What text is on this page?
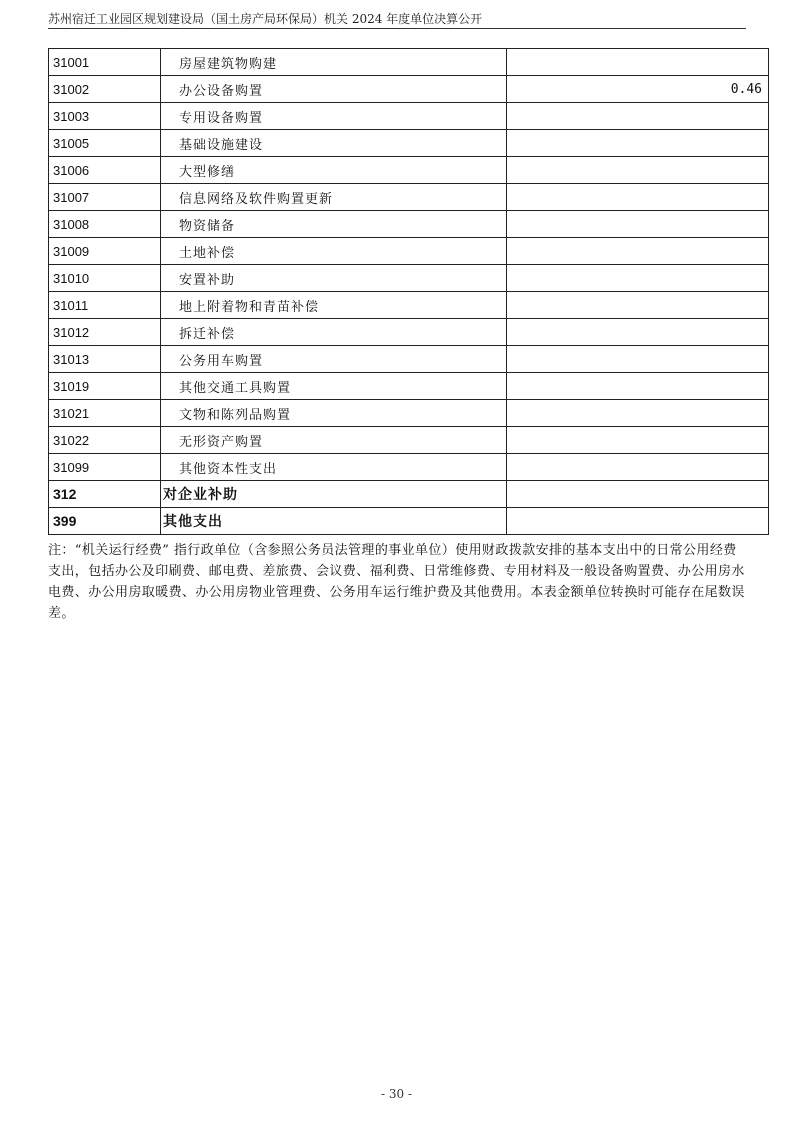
苏州宿迁工业园区规划建设局（国土房产局环保局）机关 2024 年度单位决算公开
31001	房屋建筑物购建	
31002	办公设备购置	0.46
31003	专用设备购置	
31005	基础设施建设	
31006	大型修缮	
31007	信息网络及软件购置更新	
31008	物资储备	
31009	土地补偿	
31010	安置补助	
31011	地上附着物和青苗补偿	
31012	拆迁补偿	
31013	公务用车购置	
31019	其他交通工具购置	
31021	文物和陈列品购置	
31022	无形资产购置	
31099	其他资本性支出	
312	对企业补助	
399	其他支出	

注：“机关运行经费” 指行政单位（含参照公务员法管理的事业单位）使用财政拨款安排的基本支出中的日常公用经费支出，包括办公及印刷费、邮电费、差旅费、会议费、福利费、日常维修费、专用材料及一般设备购置费、办公用房水电费、办公用房取暖费、办公用房物业管理费、公务用车运行维护费及其他费用。本表金额单位转换时可能存在尾数误差。

- 30 -
